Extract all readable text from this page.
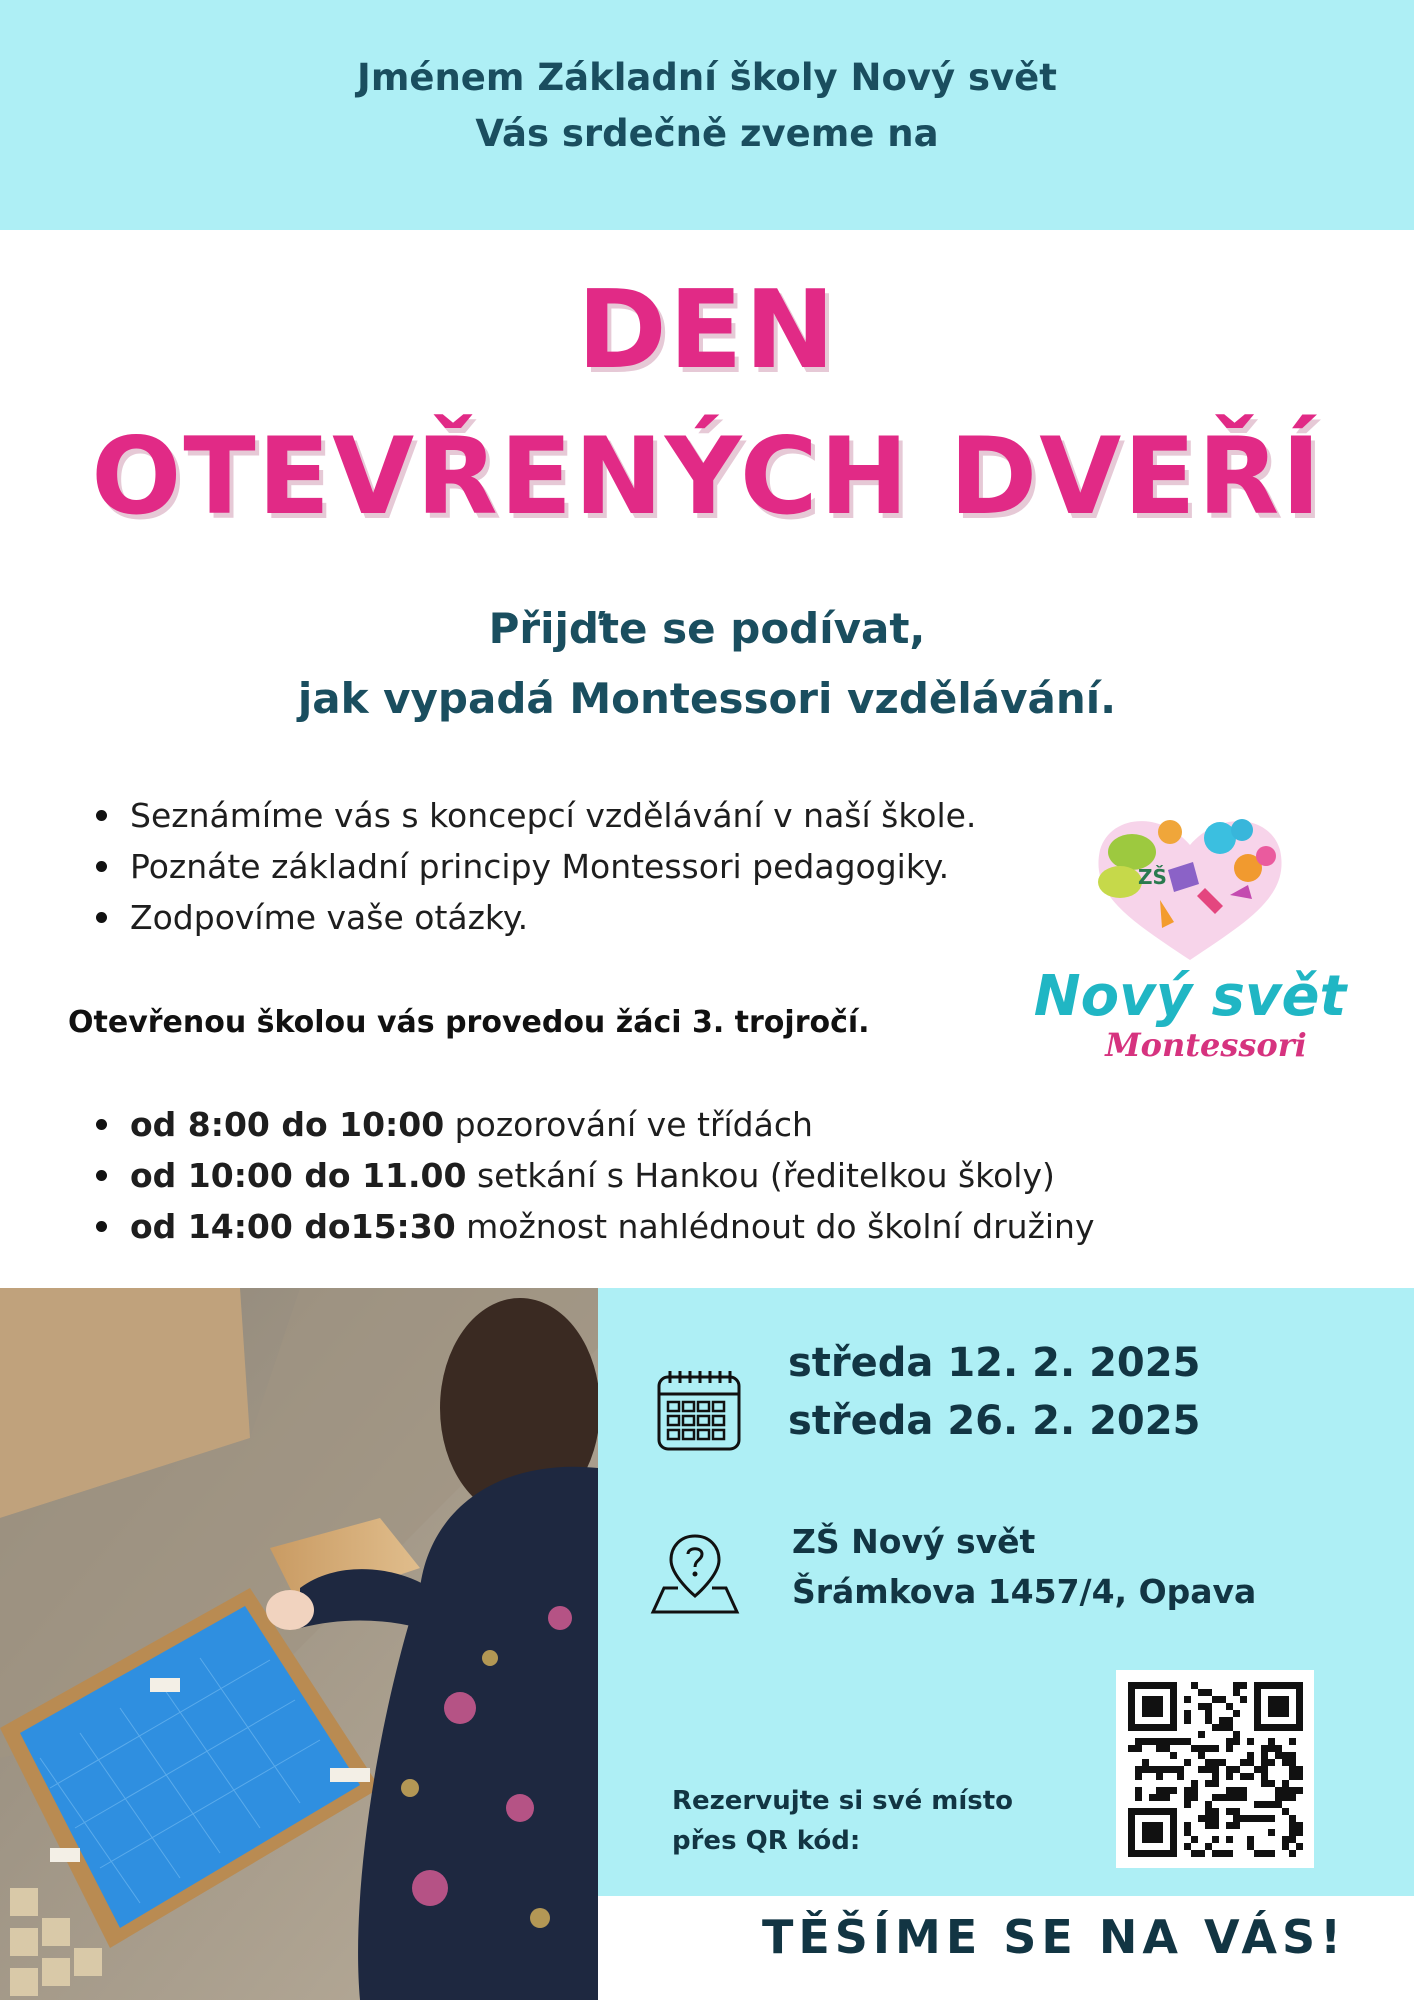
Jménem Základní školy Nový svět
Vás srdečně zveme na
DEN
OTEVŘENÝCH DVEŘÍ
Přijďte se podívat,
jak vypadá Montessori vzdělávání.
Seznámíme vás s koncepcí vzdělávání v naší škole.
Poznáte základní principy Montessori pedagogiky.
Zodpovíme vaše otázky.
Otevřenou školou vás provedou žáci 3. trojročí.
od 8:00 do 10:00 pozorování ve třídách
od 10:00 do 11.00 setkání s Hankou (ředitelkou školy)
od 14:00 do15:30 možnost nahlédnout do školní družiny
ZŠ
Nový svět
Montessori
středa 12. 2. 2025
středa 26. 2. 2025
ZŠ Nový svět
Šrámkova 1457/4, Opava
Rezervujte si své místo
přes QR kód:
TĚŠÍME SE NA VÁS!
